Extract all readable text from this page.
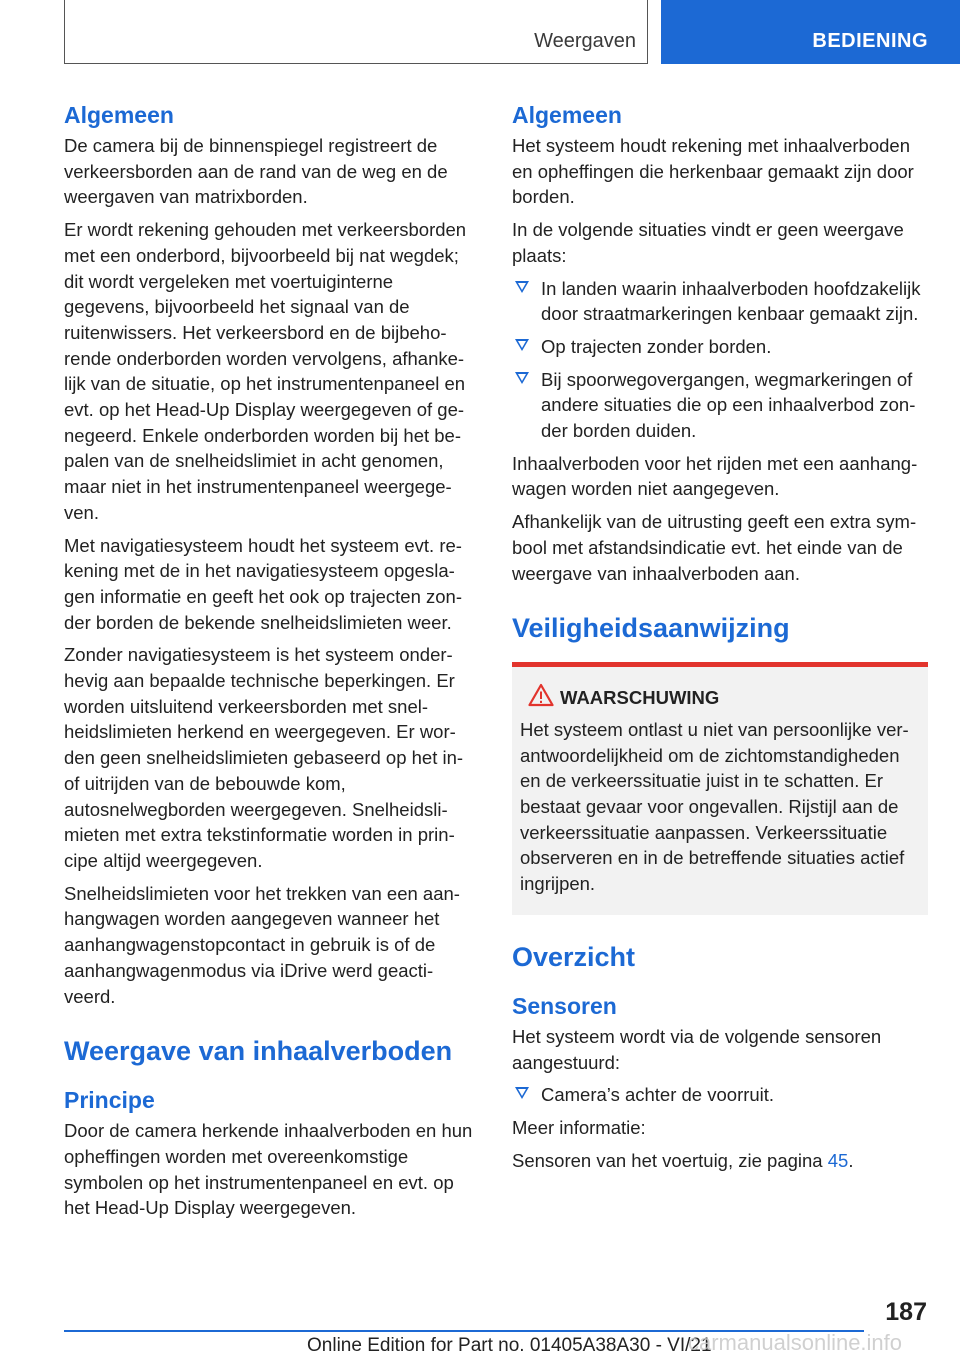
Weergaven	BEDIENING
Algemeen

De camera bij de binnenspiegel registreert de verkeersborden aan de rand van de weg en de weergaven van matrixborden.

Er wordt rekening gehouden met verkeersborden met een onderbord, bijvoorbeeld bij nat wegdek; dit wordt vergeleken met voertuiginterne gegevens, bijvoorbeeld het signaal van de ruitenwissers. Het verkeersbord en de bijbehorende onderborden worden vervolgens, afhankelijk van de situatie, op het instrumentenpaneel en evt. op het Head-Up Display weergegeven of genegeerd. Enkele onderborden worden bij het bepalen van de snelheidslimiet in acht genomen, maar niet in het instrumentenpaneel weergegeven.

Met navigatiesysteem houdt het systeem evt. rekening met de in het navigatiesysteem opgeslagen informatie en geeft het ook op trajecten zonder borden de bekende snelheidslimieten weer.

Zonder navigatiesysteem is het systeem onderhevig aan bepaalde technische beperkingen. Er worden uitsluitend verkeersborden met snelheidslimieten herkend en weergegeven. Er worden geen snelheidslimieten gebaseerd op het in- of uitrijden van de bebouwde kom, autosnelwegborden weergegeven. Snelheidslimieten met extra tekstinformatie worden in principe altijd weergegeven.

Snelheidslimieten voor het trekken van een aanhangwagen worden aangegeven wanneer het aanhangwagenstopcontact in gebruik is of de aanhangwagenmodus via iDrive werd geactiveerd.

Weergave van inhaalverboden
Principe

Door de camera herkende inhaalverboden en hun opheffingen worden met overeenkomstige symbolen op het instrumentenpaneel en evt. op het Head-Up Display weergegeven.

Algemeen

Het systeem houdt rekening met inhaalverboden en opheffingen die herkenbaar gemaakt zijn door borden.

In de volgende situaties vindt er geen weergave plaats:

In landen waarin inhaalverboden hoofdzakelijk door straatmarkeringen kenbaar gemaakt zijn.
Op trajecten zonder borden.
Bij spoorwegovergangen, wegmarkeringen of andere situaties die op een inhaalverbod zonder borden duiden.

Inhaalverboden voor het rijden met een aanhangwagen worden niet aangegeven.

Afhankelijk van de uitrusting geeft een extra symbool met afstandsindicatie evt. het einde van de weergave van inhaalverboden aan.

Veiligheidsaanwijzing
WAARSCHUWING
Het systeem ontlast u niet van persoonlijke verantwoordelijkheid om de zichtomstandigheden en de verkeerssituatie juist in te schatten. Er bestaat gevaar voor ongevallen. Rijstijl aan de verkeerssituatie aanpassen. Verkeerssituatie observeren en in de betreffende situaties actief ingrijpen.
Overzicht
Sensoren

Het systeem wordt via de volgende sensoren aangestuurd:

Camera’s achter de voorruit.

Meer informatie:

Sensoren van het voertuig, zie pagina 45.

187
Online Edition for Part no. 01405A38A30 - VI/21
carmanualsonline.info
